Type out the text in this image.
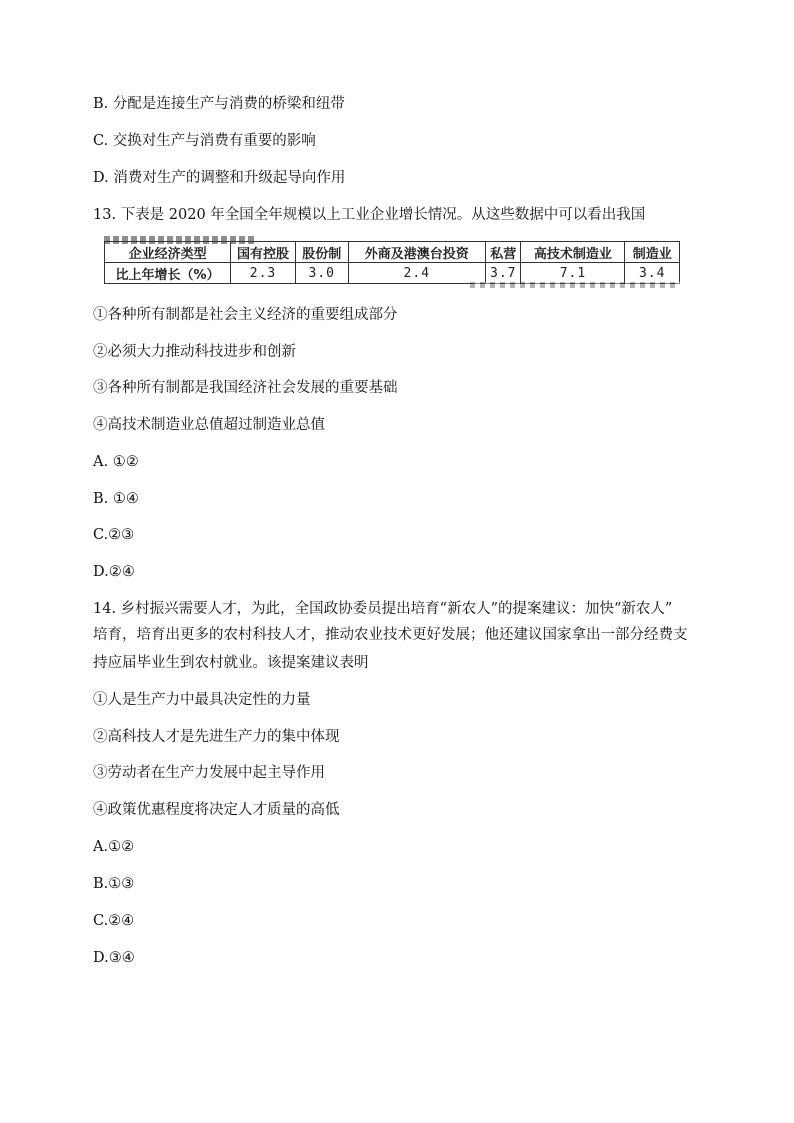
B. 分配是连接生产与消费的桥梁和纽带
C. 交换对生产与消费有重要的影响
D. 消费对生产的调整和升级起导向作用
13. 下表是 2020 年全国全年规模以上工业企业增长情况。从这些数据中可以看出我国
企业经济类型	国有控股	股份制	外商及港澳台投资	私营	高技术制造业	制造业
比上年增长（%）	2.3	3.0	2.4	3.7	7.1	3.4
①各种所有制都是社会主义经济的重要组成部分
②必须大力推动科技进步和创新
③各种所有制都是我国经济社会发展的重要基础
④高技术制造业总值超过制造业总值
A. ①②
B. ①④
C.②③
D.②④
14. 乡村振兴需要人才，为此，全国政协委员提出培育“新农人”的提案建议：加快“新农人”
培育，培育出更多的农村科技人才，推动农业技术更好发展；他还建议国家拿出一部分经费支
持应届毕业生到农村就业。该提案建议表明
①人是生产力中最具决定性的力量
②高科技人才是先进生产力的集中体现
③劳动者在生产力发展中起主导作用
④政策优惠程度将决定人才质量的高低
A.①②
B.①③
C.②④
D.③④
